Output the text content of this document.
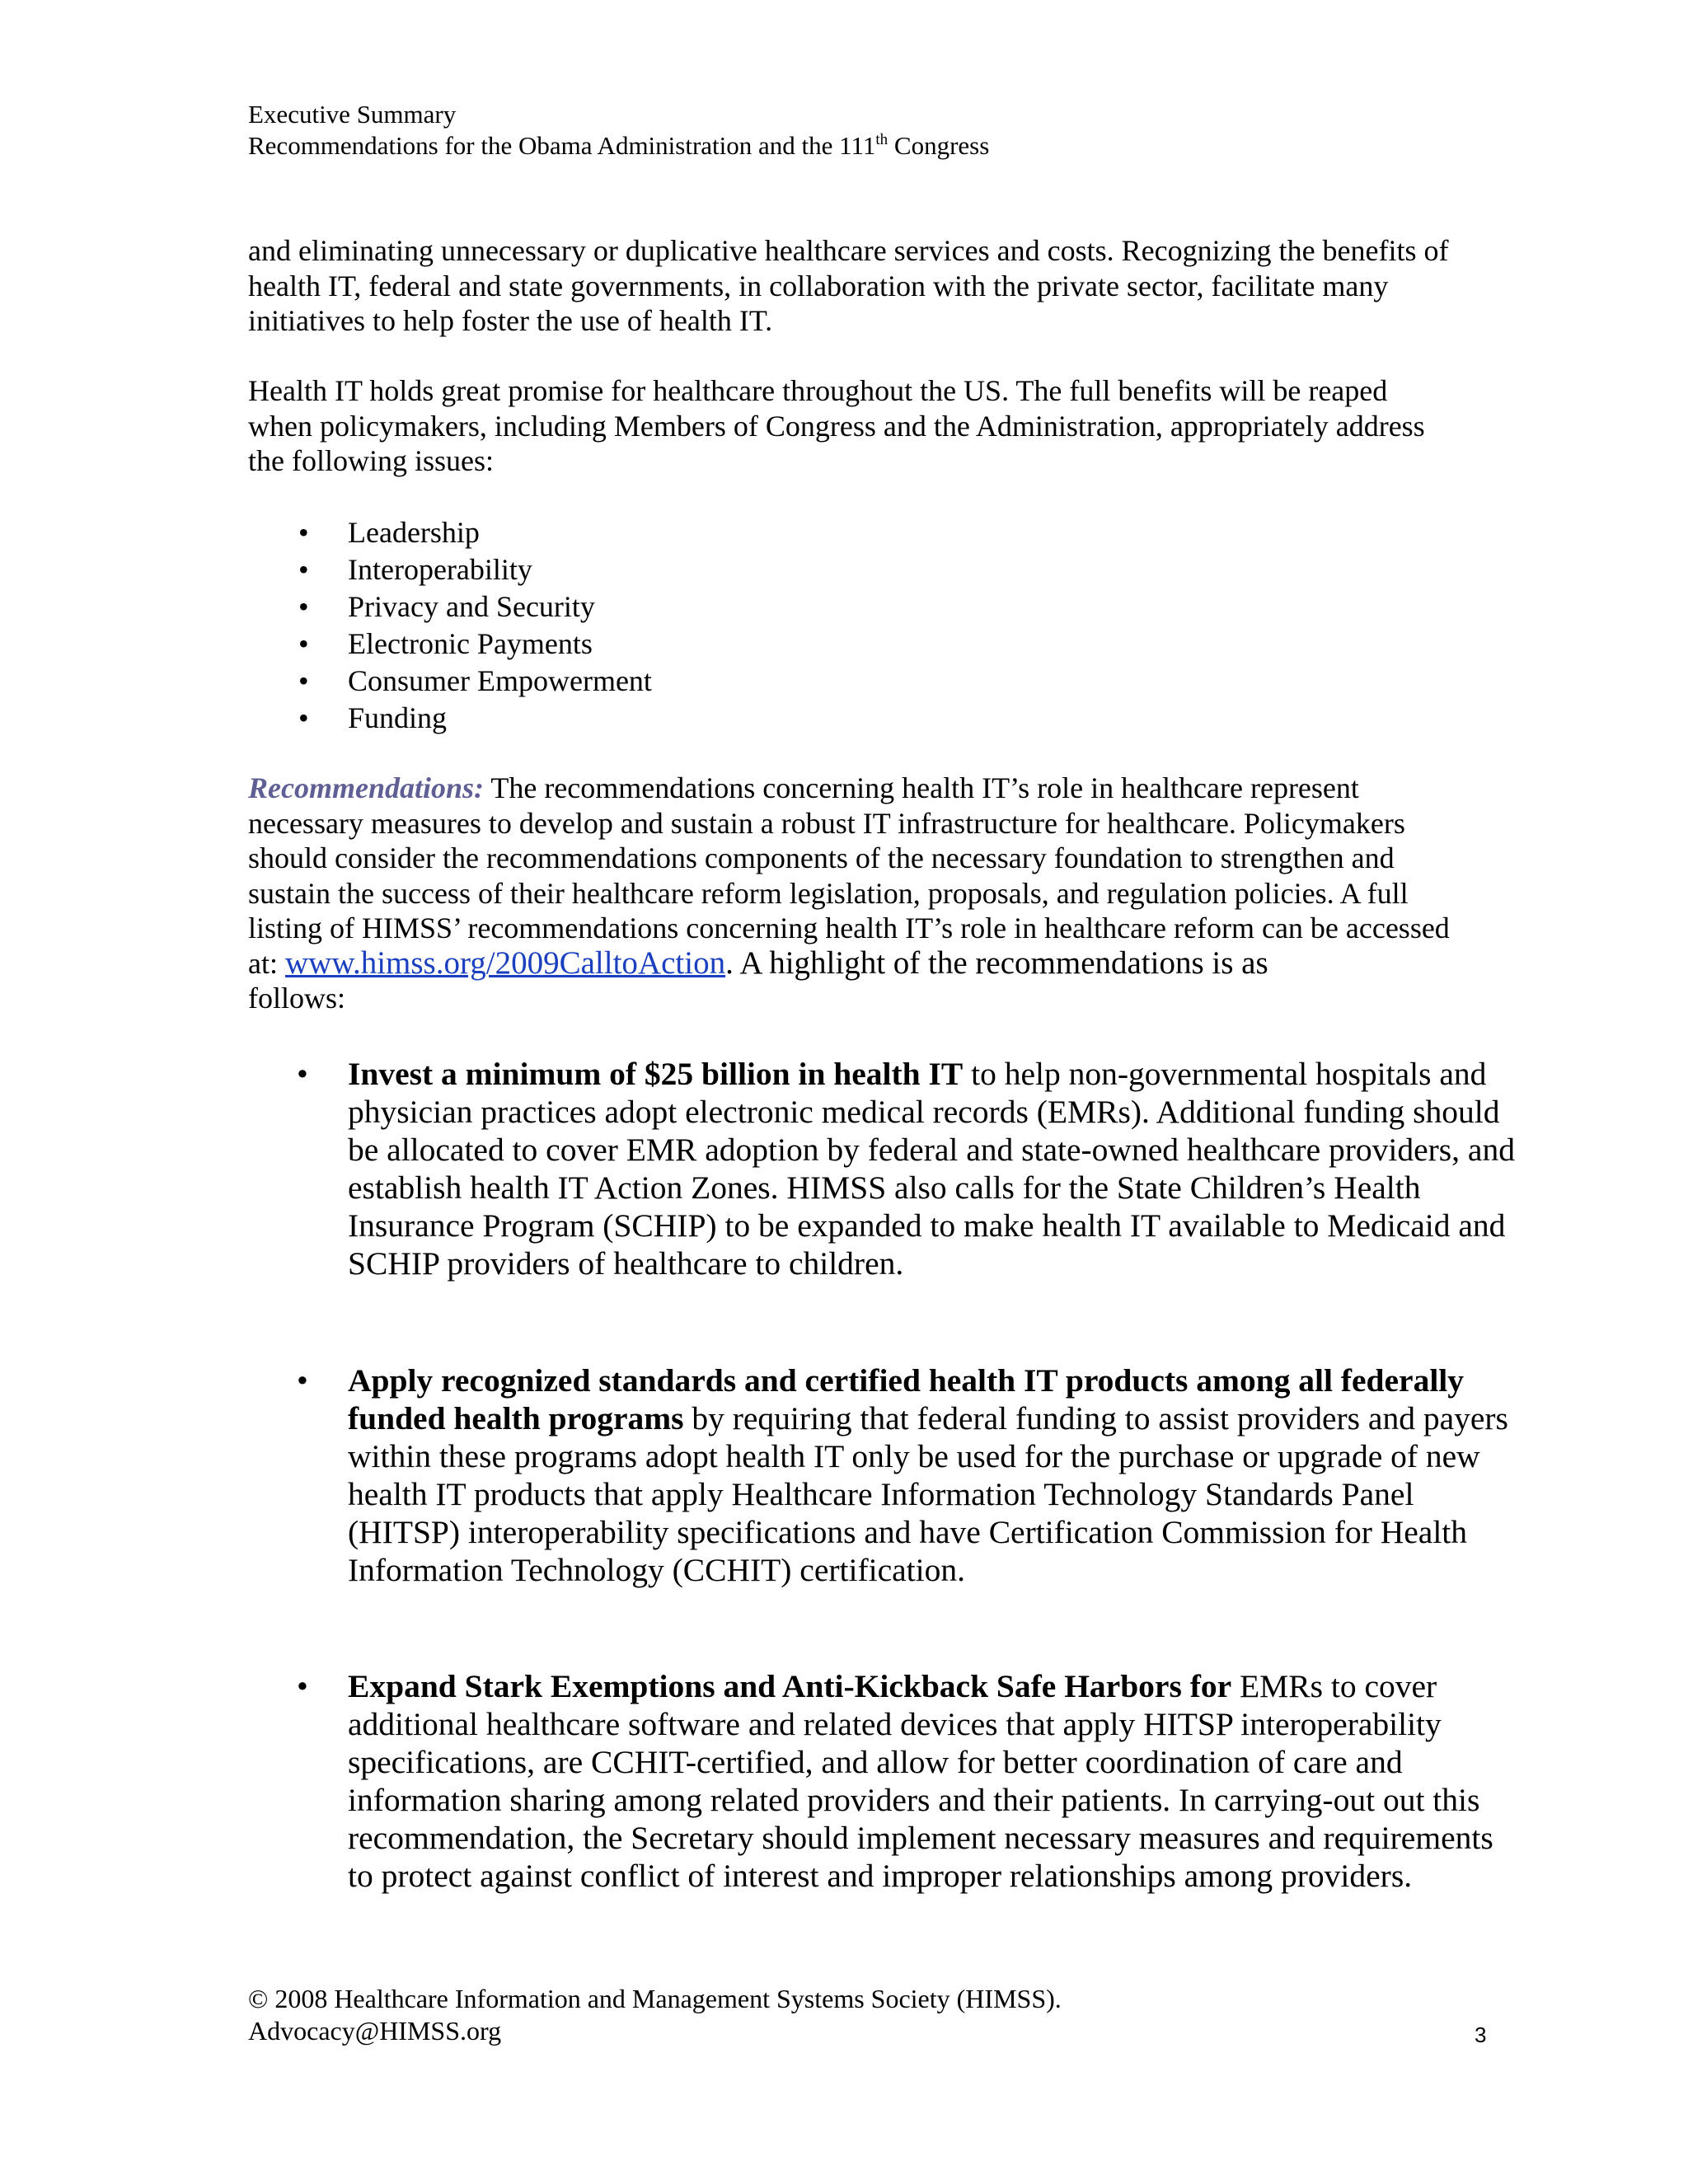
Executive Summary
Recommendations for the Obama Administration and the 111th Congress
and eliminating unnecessary or duplicative healthcare services and costs. Recognizing the benefits of health IT, federal and state governments, in collaboration with the private sector, facilitate many initiatives to help foster the use of health IT.
Health IT holds great promise for healthcare throughout the US. The full benefits will be reaped when policymakers, including Members of Congress and the Administration, appropriately address the following issues:
• Leadership
• Interoperability
• Privacy and Security
• Electronic Payments
• Consumer Empowerment
• Funding
Recommendations: The recommendations concerning health IT’s role in healthcare represent necessary measures to develop and sustain a robust IT infrastructure for healthcare. Policymakers should consider the recommendations components of the necessary foundation to strengthen and sustain the success of their healthcare reform legislation, proposals, and regulation policies. A full listing of HIMSS’ recommendations concerning health IT’s role in healthcare reform can be accessed at: www.himss.org/2009CalltoAction. A highlight of the recommendations is as
follows:
• Invest a minimum of $25 billion in health IT to help non-governmental hospitals and physician practices adopt electronic medical records (EMRs). Additional funding should be allocated to cover EMR adoption by federal and state-owned healthcare providers, and establish health IT Action Zones. HIMSS also calls for the State Children’s Health Insurance Program (SCHIP) to be expanded to make health IT available to Medicaid and SCHIP providers of healthcare to children.
• Apply recognized standards and certified health IT products among all federally funded health programs by requiring that federal funding to assist providers and payers within these programs adopt health IT only be used for the purchase or upgrade of new health IT products that apply Healthcare Information Technology Standards Panel (HITSP) interoperability specifications and have Certification Commission for Health Information Technology (CCHIT) certification.
• Expand Stark Exemptions and Anti-Kickback Safe Harbors for EMRs to cover additional healthcare software and related devices that apply HITSP interoperability specifications, are CCHIT-certified, and allow for better coordination of care and information sharing among related providers and their patients. In carrying-out out this recommendation, the Secretary should implement necessary measures and requirements to protect against conflict of interest and improper relationships among providers.
© 2008 Healthcare Information and Management Systems Society (HIMSS).
Advocacy@HIMSS.org	3
